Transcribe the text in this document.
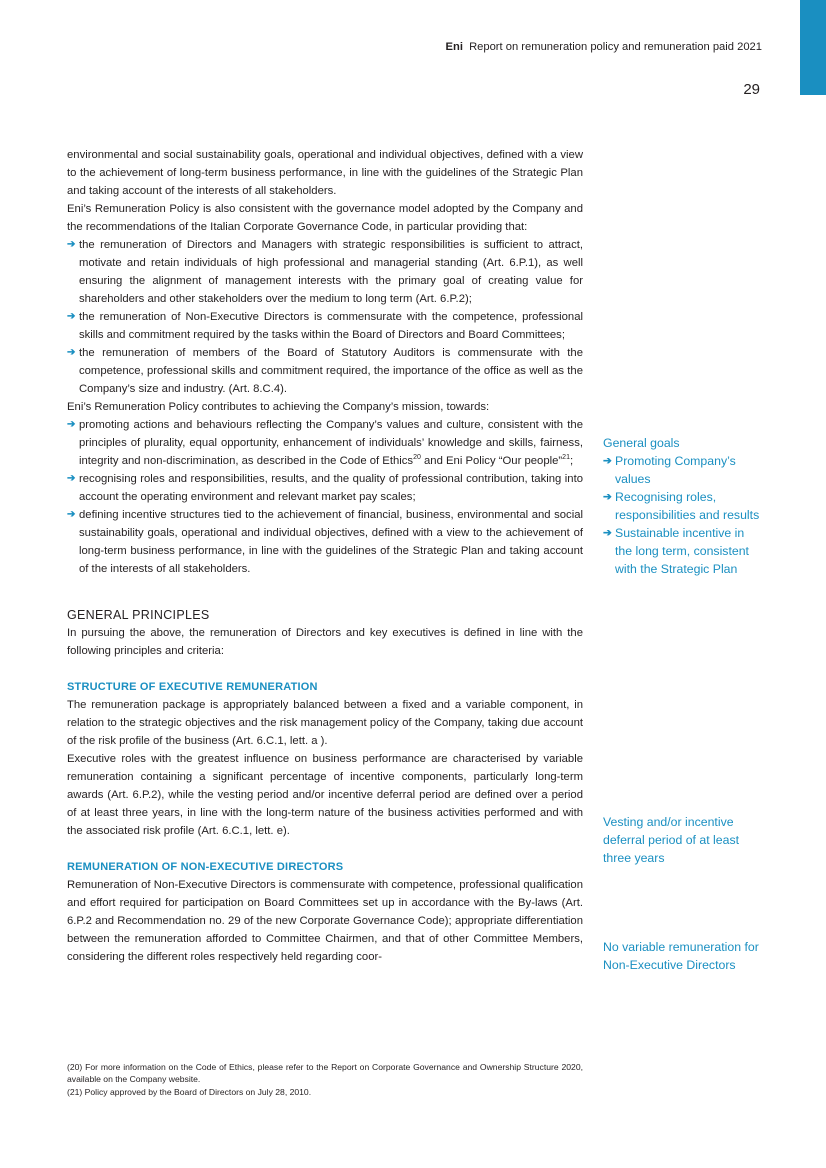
Eni Report on remuneration policy and remuneration paid 2021
29

environmental and social sustainability goals, operational and individual objectives, defined with a view to the achievement of long-term business performance, in line with the guidelines of the Strategic Plan and taking account of the interests of all stakeholders.

Eni’s Remuneration Policy is also consistent with the governance model adopted by the Company and the recommendations of the Italian Corporate Governance Code, in particular providing that:

➔ the remuneration of Directors and Managers with strategic responsibilities is sufficient to attract, motivate and retain individuals of high professional and managerial standing (Art. 6.P.1), as well ensuring the alignment of management interests with the primary goal of creating value for shareholders and other stakeholders over the medium to long term (Art. 6.P.2);
➔ the remuneration of Non-Executive Directors is commensurate with the competence, professional skills and commitment required by the tasks within the Board of Directors and Board Committees;
➔ the remuneration of members of the Board of Statutory Auditors is commensurate with the competence, professional skills and commitment required, the importance of the office as well as the Company’s size and industry. (Art. 8.C.4).

Eni’s Remuneration Policy contributes to achieving the Company’s mission, towards:

➔ promoting actions and behaviours reflecting the Company’s values and culture, consistent with the principles of plurality, equal opportunity, enhancement of individuals’ knowledge and skills, fairness, integrity and non-discrimination, as described in the Code of Ethics$^{20}$ and Eni Policy “Our people”$^{21}$;
➔ recognising roles and responsibilities, results, and the quality of professional contribution, taking into account the operating environment and relevant market pay scales;
➔ defining incentive structures tied to the achievement of financial, business, environmental and social sustainability goals, operational and individual objectives, defined with a view to the achievement of long-term business performance, in line with the guidelines of the Strategic Plan and taking account of the interests of all stakeholders.
GENERAL PRINCIPLES

In pursuing the above, the remuneration of Directors and key executives is defined in line with the following principles and criteria:

STRUCTURE OF EXECUTIVE REMUNERATION

The remuneration package is appropriately balanced between a fixed and a variable component, in relation to the strategic objectives and the risk management policy of the Company, taking due account of the risk profile of the business (Art. 6.C.1, lett. a ).

Executive roles with the greatest influence on business performance are characterised by variable remuneration containing a significant percentage of incentive components, particularly long-term awards (Art. 6.P.2), while the vesting period and/or incentive deferral period are defined over a period of at least three years, in line with the long-term nature of the business activities performed and with the associated risk profile (Art. 6.C.1, lett. e).

REMUNERATION OF NON-EXECUTIVE DIRECTORS

Remuneration of Non-Executive Directors is commensurate with competence, professional qualification and effort required for participation on Board Committees set up in accordance with the By-laws (Art. 6.P.2 and Recommendation no. 29 of the new Corporate Governance Code); appropriate differentiation between the remuneration afforded to Committee Chairmen, and that of other Committee Members, considering the different roles respectively held regarding coor-

General goals
➔ Promoting Company’s values
➔ Recognising roles, responsibilities and results
➔ Sustainable incentive in the long term, consistent with the Strategic Plan
Vesting and/or incentive deferral period of at least three years
No variable remuneration for Non-Executive Directors

(20) For more information on the Code of Ethics, please refer to the Report on Corporate Governance and Ownership Structure 2020, available on the Company website.

(21) Policy approved by the Board of Directors on July 28, 2010.
